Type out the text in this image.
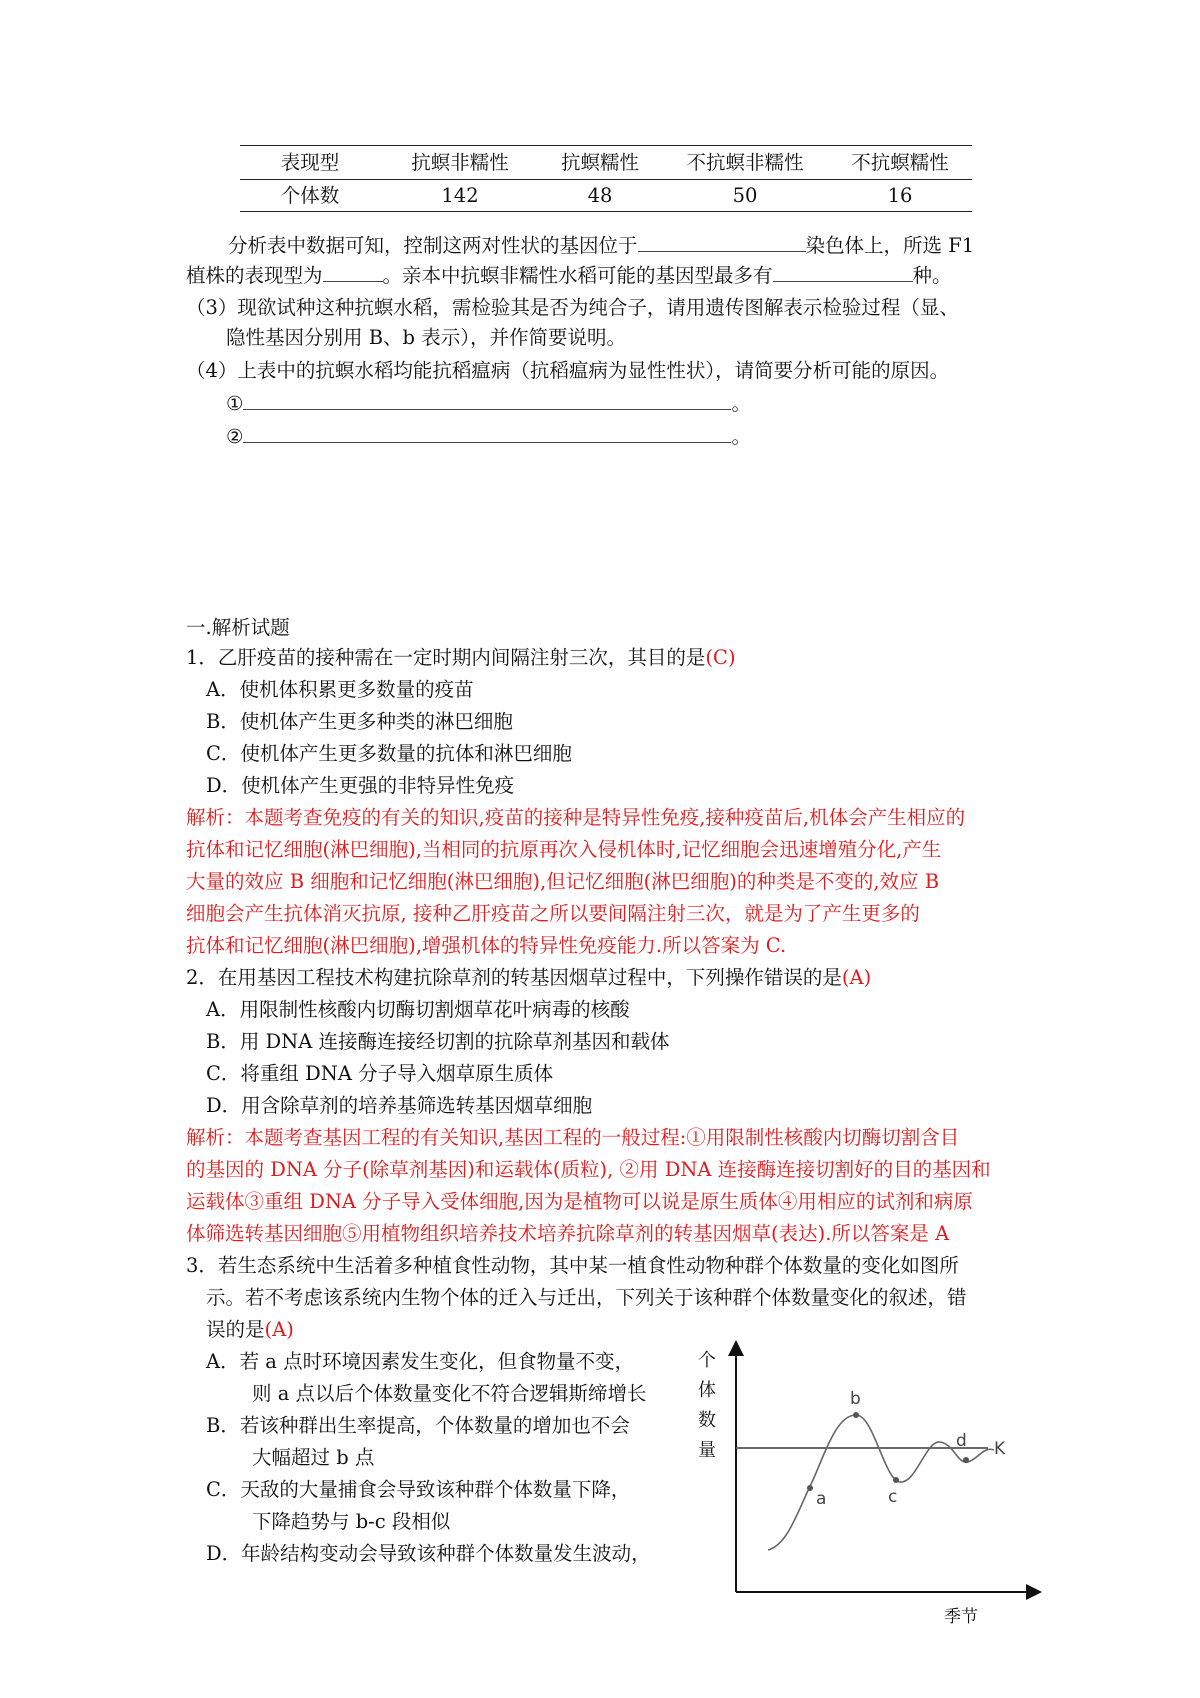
表现型	抗螟非糯性	抗螟糯性	不抗螟非糯性	不抗螟糯性
个体数	142	48	50	16
分析表中数据可知，控制这两对性状的基因位于	染色体上，所选 F1
植株的表现型为	。亲本中抗螟非糯性水稻可能的基因型最多有	种。
（3）现欲试种这种抗螟水稻，需检验其是否为纯合子，请用遗传图解表示检验过程（显、
隐性基因分别用 B、b 表示），并作简要说明。
（4）上表中的抗螟水稻均能抗稻瘟病（抗稻瘟病为显性性状），请简要分析可能的原因。
①	。
②	。
一.解析试题
1．乙肝疫苗的接种需在一定时期内间隔注射三次，其目的是(C)
A．使机体积累更多数量的疫苗
B．使机体产生更多种类的淋巴细胞
C．使机体产生更多数量的抗体和淋巴细胞
D．使机体产生更强的非特异性免疫
解析：本题考查免疫的有关的知识,疫苗的接种是特异性免疫,接种疫苗后,机体会产生相应的
抗体和记忆细胞(淋巴细胞),当相同的抗原再次入侵机体时,记忆细胞会迅速增殖分化,产生
大量的效应 B 细胞和记忆细胞(淋巴细胞),但记忆细胞(淋巴细胞)的种类是不变的,效应 B
细胞会产生抗体消灭抗原, 接种乙肝疫苗之所以要间隔注射三次，就是为了产生更多的
抗体和记忆细胞(淋巴细胞),增强机体的特异性免疫能力.所以答案为 C.
2．在用基因工程技术构建抗除草剂的转基因烟草过程中，下列操作错误的是(A)
A．用限制性核酸内切酶切割烟草花叶病毒的核酸
B．用 DNA 连接酶连接经切割的抗除草剂基因和载体
C．将重组 DNA 分子导入烟草原生质体
D．用含除草剂的培养基筛选转基因烟草细胞
解析：本题考查基因工程的有关知识,基因工程的一般过程:①用限制性核酸内切酶切割含目
的基因的 DNA 分子(除草剂基因)和运载体(质粒), ②用 DNA 连接酶连接切割好的目的基因和
运载体③重组 DNA 分子导入受体细胞,因为是植物可以说是原生质体④用相应的试剂和病原
体筛选转基因细胞⑤用植物组织培养技术培养抗除草剂的转基因烟草(表达).所以答案是 A
3．若生态系统中生活着多种植食性动物，其中某一植食性动物种群个体数量的变化如图所
示。若不考虑该系统内生物个体的迁入与迁出，下列关于该种群个体数量变化的叙述，错
误的是(A)
A．若 a 点时环境因素发生变化，但食物量不变，
则 a 点以后个体数量变化不符合逻辑斯缔增长
B．若该种群出生率提高，个体数量的增加也不会
大幅超过 b 点
C．天敌的大量捕食会导致该种群个体数量下降，
下降趋势与 b-c 段相似
D．年龄结构变动会导致该种群个体数量发生波动，
a
b
c
d K
个
体
数
量
季节
